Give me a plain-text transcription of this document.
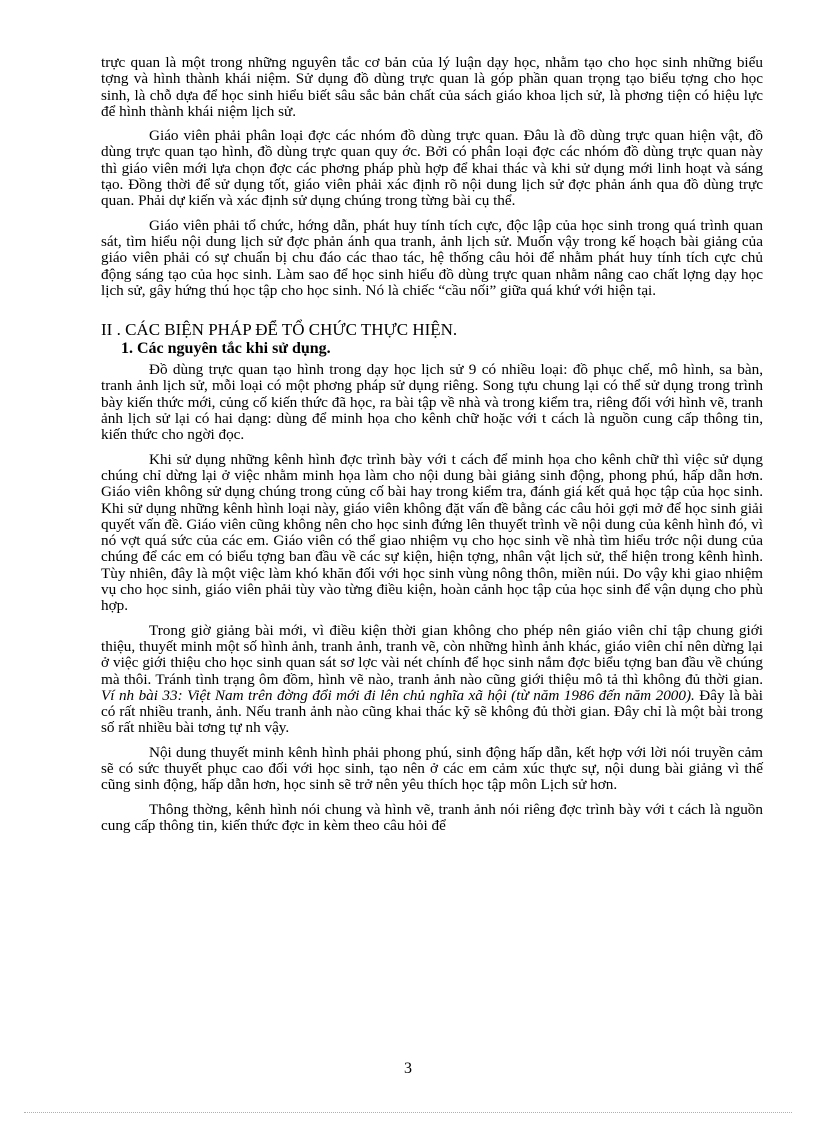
trực quan là một trong những nguyên tắc cơ bản của lý luận dạy học, nhằm tạo cho học sinh những biểu tợng và hình thành khái niệm. Sử dụng đồ dùng trực quan là góp phần quan trọng tạo biểu tợng cho học sinh, là chỗ dựa để học sinh hiểu biết sâu sắc bản chất của sách giáo khoa lịch sử, là phơng tiện có hiệu lực để hình thành khái niệm lịch sử.

Giáo viên phải phân loại đợc các nhóm đồ dùng trực quan. Đâu là đồ dùng trực quan hiện vật, đồ dùng trực quan tạo hình, đồ dùng trực quan quy ớc. Bởi có phân loại đợc các nhóm đồ dùng trực quan này thì giáo viên mới lựa chọn đợc các phơng pháp phù hợp để khai thác và khi sử dụng mới linh hoạt và sáng tạo. Đồng thời để sử dụng tốt, giáo viên phải xác định rõ nội dung lịch sử đợc phản ánh qua đồ dùng trực quan. Phải dự kiến và xác định sử dụng chúng trong từng bài cụ thể.

Giáo viên phải tổ chức, hớng dẫn, phát huy tính tích cực, độc lập của học sinh trong quá trình quan sát, tìm hiểu nội dung lịch sử đợc phản ánh qua tranh, ảnh lịch sử. Muốn vậy trong kế hoạch bài giảng của giáo viên phải có sự chuẩn bị chu đáo các thao tác, hệ thống câu hỏi để nhằm phát huy tính tích cực chủ động sáng tạo của học sinh. Làm sao để học sinh hiểu đồ dùng trực quan nhằm nâng cao chất lợng dạy học lịch sử, gây hứng thú học tập cho học sinh. Nó là chiếc “cầu nối” giữa quá khứ với hiện tại.

II . CÁC BIỆN PHÁP ĐỂ TỔ CHỨC THỰC HIỆN.
1. Các nguyên tắc khi sử dụng.

Đồ dùng trực quan tạo hình trong dạy học lịch sử 9 có nhiều loại: đồ phục chế, mô hình, sa bàn, tranh ảnh lịch sử, mỗi loại có một phơng pháp sử dụng riêng. Song tựu chung lại có thể sử dụng trong trình bày kiến thức mới, củng cố kiến thức đã học, ra bài tập về nhà và trong kiểm tra, riêng đối với hình vẽ, tranh ảnh lịch sử lại có hai dạng: dùng để minh họa cho kênh chữ hoặc với t cách là nguồn cung cấp thông tin, kiến thức cho ngời đọc.

Khi sử dụng những kênh hình đợc trình bày với t cách để minh họa cho kênh chữ thì việc sử dụng chúng chỉ dừng lại ở việc nhằm minh họa làm cho nội dung bài giảng sinh động, phong phú, hấp dẫn hơn. Giáo viên không sử dụng chúng trong củng cố bài hay trong kiểm tra, đánh giá kết quả học tập của học sinh. Khi sử dụng những kênh hình loại này, giáo viên không đặt vấn đề bằng các câu hỏi gợi mở để học sinh giải quyết vấn đề. Giáo viên cũng không nên cho học sinh đứng lên thuyết trình về nội dung của kênh hình đó, vì nó vợt quá sức của các em. Giáo viên có thể giao nhiệm vụ cho học sinh về nhà tìm hiểu trớc nội dung của chúng để các em có biểu tợng ban đầu về các sự kiện, hiện tợng, nhân vật lịch sử, thể hiện trong kênh hình. Tùy nhiên, đây là một việc làm khó khăn đối với học sinh vùng nông thôn, miền núi. Do vậy khi giao nhiệm vụ cho học sinh, giáo viên phải tùy vào từng điều kiện, hoàn cảnh học tập của học sinh để vận dụng cho phù hợp.

Trong giờ giảng bài mới, vì điều kiện thời gian không cho phép nên giáo viên chỉ tập chung giới thiệu, thuyết minh một số hình ảnh, tranh ảnh, tranh vẽ, còn những hình ảnh khác, giáo viên chỉ nên dừng lại ở việc giới thiệu cho học sinh quan sát sơ lợc vài nét chính để học sinh nắm đợc biểu tợng ban đầu về chúng mà thôi. Tránh tình trạng ôm đồm, hình vẽ nào, tranh ảnh nào cũng giới thiệu mô tả thì không đủ thời gian. Ví nh bài 33: Việt Nam trên đờng đổi mới đi lên chủ nghĩa xã hội (từ năm 1986 đến năm 2000). Đây là bài có rất nhiều tranh, ảnh. Nếu tranh ảnh nào cũng khai thác kỹ sẽ không đủ thời gian. Đây chỉ là một bài trong số rất nhiều bài tơng tự nh vậy.

Nội dung thuyết minh kênh hình phải phong phú, sinh động hấp dẫn, kết hợp với lời nói truyền cảm sẽ có sức thuyết phục cao đối với học sinh, tạo nên ở các em cảm xúc thực sự, nội dung bài giảng vì thế cũng sinh động, hấp dẫn hơn, học sinh sẽ trở nên yêu thích học tập môn Lịch sử hơn.

Thông thờng, kênh hình nói chung và hình vẽ, tranh ảnh nói riêng đợc trình bày với t cách là nguồn cung cấp thông tin, kiến thức đợc in kèm theo câu hỏi để

3
